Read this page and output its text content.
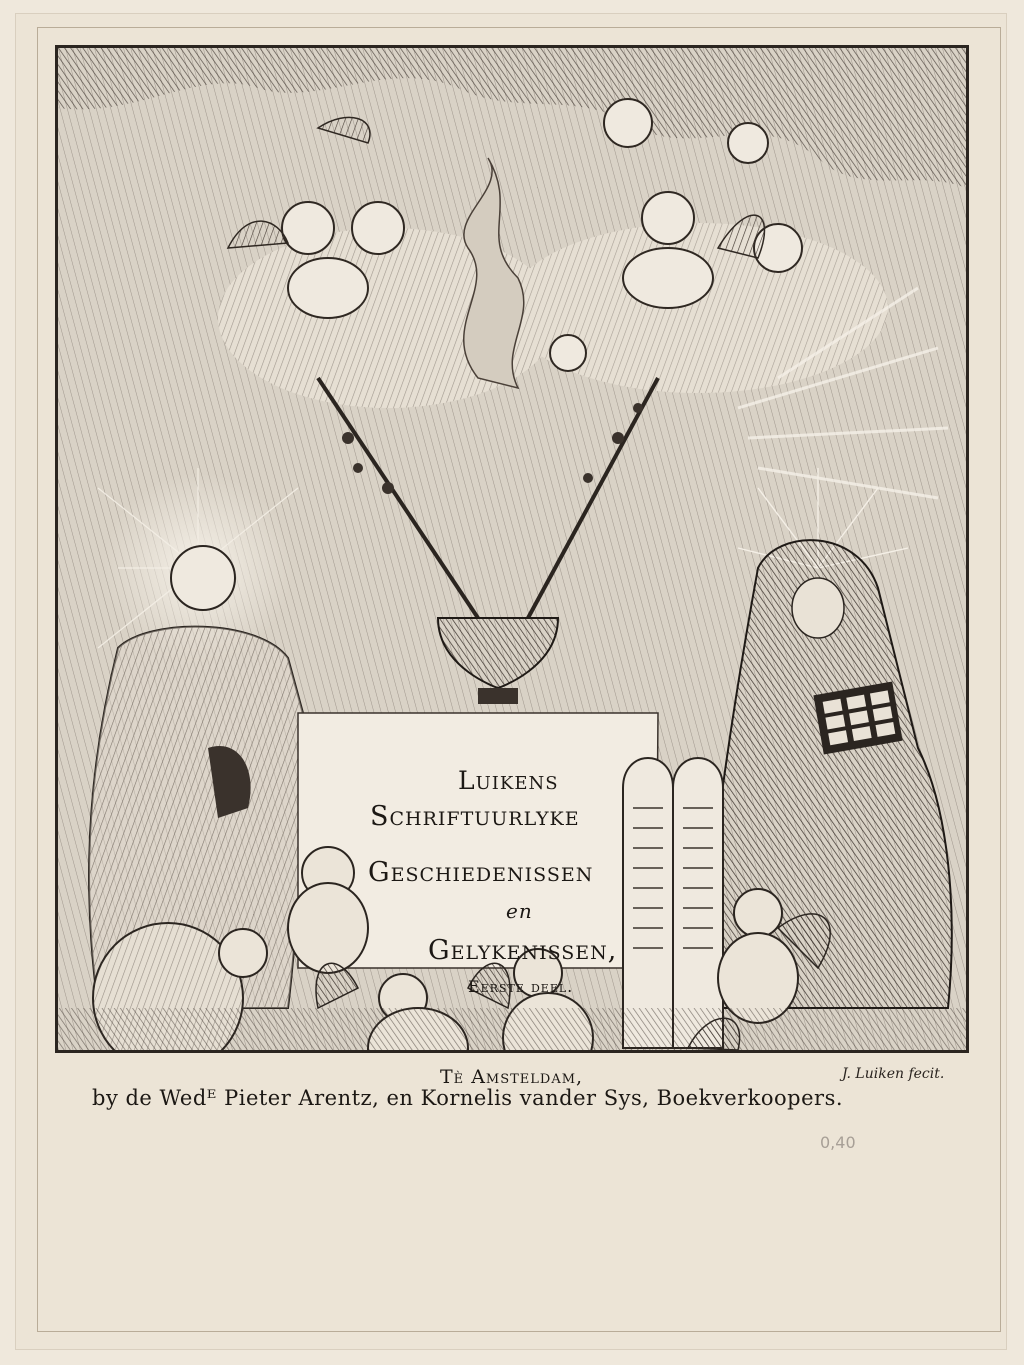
Luikens
Schriftuurlyke
Geschiedenissen
en
Gelykenissen,
Eerste deel.
Tè Amsteldam,	J. Luiken fecit.
by de Wedᴱ Pieter Arentz, en Kornelis vander Sys, Boekverkoopers.
0,40
